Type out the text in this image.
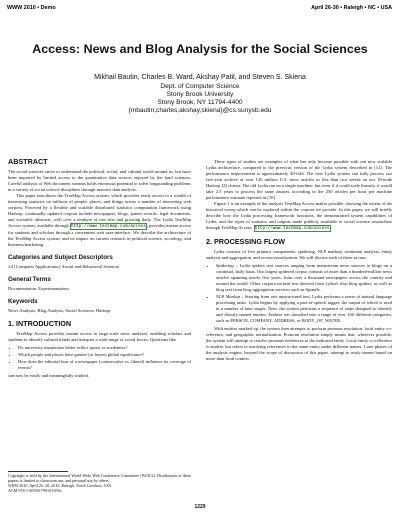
WWW 2010 • Demo	April 26-30 • Raleigh • NC • USA
Access: News and Blog Analysis for the Social Sciences
Mikhail Bautin, Charles B. Ward, Akshay Patil, and Steven S. Skiena
Dept. of Computer Science
Stony Brook University
Stony Brook, NY 11794-4400
{mbautin,charles,akshay,skiena}@cs.sunysb.edu
ABSTRACT

The social sciences strive to understand the political, social, and cultural world around us, but have been impaired by limited access to the quantitative data sources enjoyed by the hard sciences. Careful analysis of Web document streams holds enormous potential to solve longstanding problems in a variety of social science disciplines through massive data analysis.

This paper introduces the TextMap Access system, which provides ready access to a wealth of interesting statistics on millions of people, places, and things across a number of interesting web corpora. Powered by a flexible and scalable distributed statistics computation framework using Hadoop, continually updated corpora include newspapers, blogs, patent records, legal documents, and scientific abstracts, well over a terabyte of raw text and growing daily. The Lydia TextMap Access system, available through http://www.textmap.com/access, provides instant access for students and scholars through a convenient web user-interface. We describe the architecture of the TextMap Access system, and its impact on current research in political science, sociology, and business/marketing.

Categories and Subject Descriptors

J.4 [Computer Applications]: Social and Behavioral Sciences

General Terms

Documentation, Experimentation

Keywords

News Analysis, Blog Analysis, Social Sciences, Hadoop

1. INTRODUCTION

TextMap Access provides instant access to large-scale news analyses, enabling scholars and students to identify cultural trends and interpret a wide range of social forces. Questions like

• Do university reputations better reflect sports or academics?
• Which people and places have greater (or lesser) global significance?
• How does the editorial bias of a newspaper (conservative vs. liberal) influence its coverage of events?

can now be easily and meaningfully studied.

Copyright is held by the International World Wide Web Conference Committee (IW3C2). Distribution of these papers is limited to classroom use, and personal use by others.
WWW 2010, April 26–30, 2010, Raleigh, North Carolina, USA.
ACM 978-1-60558-799-8/10/04.

These types of studies are examples of what has only become possible with our new scalable Lydia architecture, compared to the previous version of the Lydia system described in [12]. The performance improvement is approximately 20-fold. The new Lydia system can fully process our five-year archive of over 120 million U.S. news articles in less than two weeks on our 18-node Hadoop [2] cluster. The old Lydia ran on a single machine, but even if it could scale linearly, it would take 2.5 years to process the same dataset, according to the 250 articles per hour per machine performance estimate reported in [10].

Figure 1 is an example of the analysis TextMap Access makes possible, showing the extent of the historical sweep which can be explored within the corpora we provide. In this paper, we will briefly describe how the Lydia processing framework functions, the demonstrated system capabilities of Lydia, and the types of statistics and outputs made publicly available to social science researchers through TextMap Access: http://www.textmap.com/access.

2. PROCESSING FLOW

Lydia consists of five primary components: spidering, NLP markup, sentiment analysis, entity analysis and aggregation, and access/visualization. We will discuss each of these in turn.

• Spidering – Lydia spiders text sources ranging from mainstream news sources to blogs on a continual, daily basis. Our largest spidered corpus consists of more than a hundred-million news articles spanning nearly five years, from over a thousand newspapers across the country and around the world. Other corpora include text derived from Lydia's own blog spiders, as well as blog text from blog-aggregation services such as Spinn3r.
• NLP Markup – Starting from raw unstructured text, Lydia performs a series of natural language processing tasks. Lydia begins by applying a part-of-speech tagger, the output of which is used in a number of later stages. Next, the system performs a sequence of steps designed to identify and classify named entities. Entities are classified into a range of over 100 different categories, such as PERSON, COMPANY, ADDRESS, or BODY_OF_WATER.

With entities marked up, the system then attempts to perform pronoun resolution, local entity co-reference, and geographic normalization. Pronoun resolution simply means that, wherever possible, the system will attempt to resolve pronoun references to the indicated entity. Local entity co-reference is similar, but refers to resolving references to the same entity under different names. Later phases of the analysis engine, beyond the scope of discussion of this paper, attempt to unify names based on more than local context.

1229
